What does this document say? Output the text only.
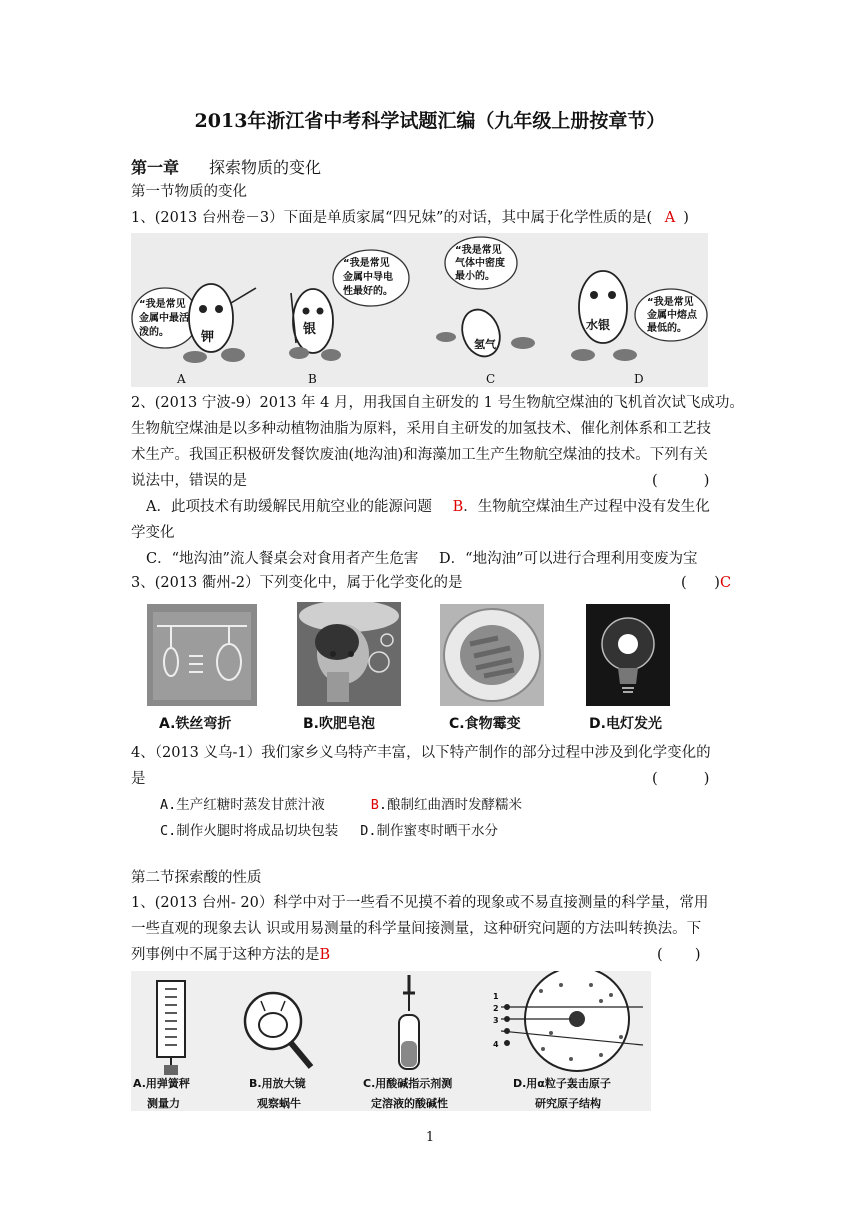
2013年浙江省中考科学试题汇编（九年级上册按章节）
第一章 探索物质的变化
第一节物质的变化
1、(2013 台州卷－3）下面是单质家属“四兄妹”的对话，其中属于化学性质的是( A )
“我是常见
金属中最活
泼的。 钾
A
银
“我是常见
金属中导电
性最好的。
B
“我是常见
气体中密度
最小的。
氢气
C
水银
“我是常见
金属中熔点
最低的。
D
2、(2013 宁波-9）2013 年 4 月，用我国自主研发的 1 号生物航空煤油的飞机首次试飞成功。
生物航空煤油是以多种动植物油脂为原料，采用自主研发的加氢技术、催化剂体系和工艺技
术生产。我国正积极研发餐饮废油(地沟油)和海藻加工生产生物航空煤油的技术。下列有关
说法中，错误的是	(          )
A．此项技术有助缓解民用航空业的能源问题 B．生物航空煤油生产过程中没有发生化
学变化
C．“地沟油”流人餐桌会对食用者产生危害 D．“地沟油”可以进行合理利用变废为宝
3、(2013 衢州-2）下列变化中，属于化学变化的是	(      )C
A.铁丝弯折	B.吹肥皂泡	C.食物霉变	D.电灯发光
4、（2013 义乌-1）我们家乡义乌特产丰富，以下特产制作的部分过程中涉及到化学变化的
是	(          )
A.生产红糖时蒸发甘蔗汁液	B.酿制红曲酒时发酵糯米
C.制作火腿时将成品切块包装 D.制作蜜枣时晒干水分
第二节探索酸的性质
1、(2013 台州- 20）科学中对于一些看不见摸不着的现象或不易直接测量的科学量，常用
一些直观的现象去认 识或用易测量的科学量间接测量，这种研究问题的方法叫转换法。下
列事例中不属于这种方法的是B	(       )
A.用弹簧秤
测量力
B.用放大镜
观察蜗牛
C.用酸碱指示剂测
定溶液的酸碱性
1
2
3
4
D.用α粒子轰击原子
研究原子结构
1
